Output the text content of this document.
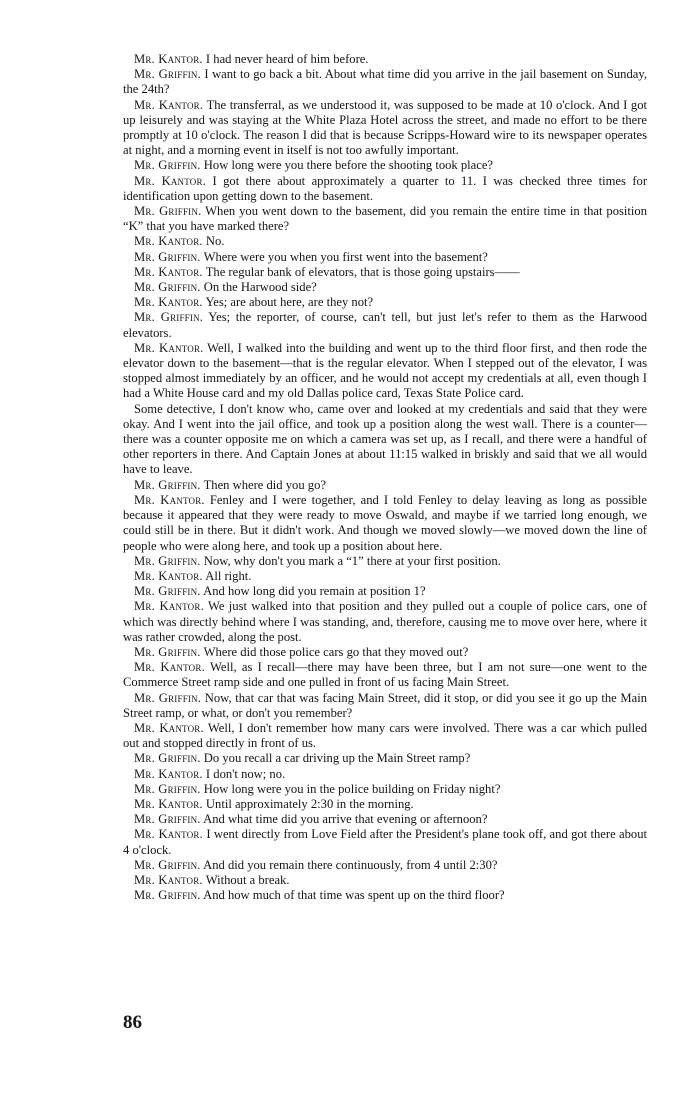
Mr. Kantor. I had never heard of him before.

Mr. Griffin. I want to go back a bit. About what time did you arrive in the jail basement on Sunday, the 24th?

Mr. Kantor. The transferral, as we understood it, was supposed to be made at 10 o'clock. And I got up leisurely and was staying at the White Plaza Hotel across the street, and made no effort to be there promptly at 10 o'clock. The reason I did that is because Scripps-Howard wire to its newspaper operates at night, and a morning event in itself is not too awfully important.

Mr. Griffin. How long were you there before the shooting took place?

Mr. Kantor. I got there about approximately a quarter to 11. I was checked three times for identification upon getting down to the basement.

Mr. Griffin. When you went down to the basement, did you remain the entire time in that position “K” that you have marked there?

Mr. Kantor. No.

Mr. Griffin. Where were you when you first went into the basement?

Mr. Kantor. The regular bank of elevators, that is those going upstairs——

Mr. Griffin. On the Harwood side?

Mr. Kantor. Yes; are about here, are they not?

Mr. Griffin. Yes; the reporter, of course, can't tell, but just let's refer to them as the Harwood elevators.

Mr. Kantor. Well, I walked into the building and went up to the third floor first, and then rode the elevator down to the basement—that is the regular elevator. When I stepped out of the elevator, I was stopped almost immediately by an officer, and he would not accept my credentials at all, even though I had a White House card and my old Dallas police card, Texas State Police card.

Some detective, I don't know who, came over and looked at my credentials and said that they were okay. And I went into the jail office, and took up a position along the west wall. There is a counter—there was a counter opposite me on which a camera was set up, as I recall, and there were a handful of other reporters in there. And Captain Jones at about 11:15 walked in briskly and said that we all would have to leave.

Mr. Griffin. Then where did you go?

Mr. Kantor. Fenley and I were together, and I told Fenley to delay leaving as long as possible because it appeared that they were ready to move Oswald, and maybe if we tarried long enough, we could still be in there. But it didn't work. And though we moved slowly—we moved down the line of people who were along here, and took up a position about here.

Mr. Griffin. Now, why don't you mark a “1” there at your first position.

Mr. Kantor. All right.

Mr. Griffin. And how long did you remain at position 1?

Mr. Kantor. We just walked into that position and they pulled out a couple of police cars, one of which was directly behind where I was standing, and, therefore, causing me to move over here, where it was rather crowded, along the post.

Mr. Griffin. Where did those police cars go that they moved out?

Mr. Kantor. Well, as I recall—there may have been three, but I am not sure—one went to the Commerce Street ramp side and one pulled in front of us facing Main Street.

Mr. Griffin. Now, that car that was facing Main Street, did it stop, or did you see it go up the Main Street ramp, or what, or don't you remember?

Mr. Kantor. Well, I don't remember how many cars were involved. There was a car which pulled out and stopped directly in front of us.

Mr. Griffin. Do you recall a car driving up the Main Street ramp?

Mr. Kantor. I don't now; no.

Mr. Griffin. How long were you in the police building on Friday night?

Mr. Kantor. Until approximately 2:30 in the morning.

Mr. Griffin. And what time did you arrive that evening or afternoon?

Mr. Kantor. I went directly from Love Field after the President's plane took off, and got there about 4 o'clock.

Mr. Griffin. And did you remain there continuously, from 4 until 2:30?

Mr. Kantor. Without a break.

Mr. Griffin. And how much of that time was spent up on the third floor?

86
